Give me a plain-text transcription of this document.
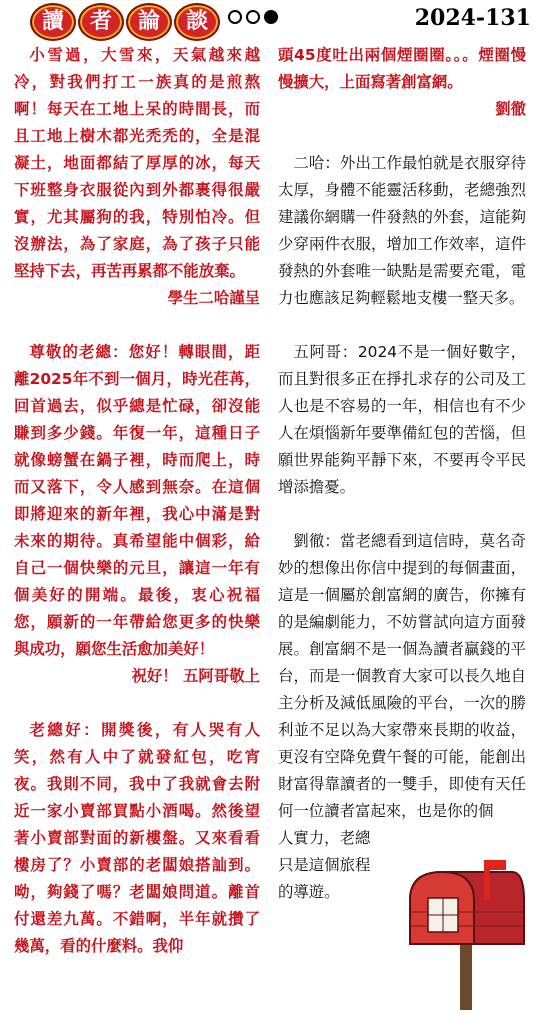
讀	者	論	談	2024-131

小雪過，大雪來，天氣越來越冷，對我們打工一族真的是煎熬啊！每天在工地上呆的時間長，而且工地上樹木都光禿禿的，全是混凝土，地面都結了厚厚的冰，每天下班整身衣服從內到外都裹得很嚴實，尤其屬狗的我，特別怕冷。但沒辦法，為了家庭，為了孩子只能堅持下去，再苦再累都不能放棄。

學生二哈謹呈

尊敬的老總：您好！轉眼間，距離2025年不到一個月，時光荏苒，回首過去，似乎總是忙碌，卻沒能賺到多少錢。年復一年，這種日子就像螃蟹在鍋子裡，時而爬上，時而又落下，令人感到無奈。在這個即將迎來的新年裡，我心中滿是對未來的期待。真希望能中個彩，給自己一個快樂的元旦，讓這一年有個美好的開端。最後，衷心祝福您，願新的一年帶給您更多的快樂與成功，願您生活愈加美好！

祝好！ 五阿哥敬上

老總好：開獎後，有人哭有人笑，然有人中了就發紅包，吃宵夜。我則不同，我中了我就會去附近一家小賣部買點小酒喝。然後望著小賣部對面的新樓盤。又來看看樓房了？小賣部的老闆娘搭訕到。呦，夠錢了嗎？老闆娘問道。離首付還差九萬。不錯啊，半年就攢了幾萬，看的什麼料。我仰

頭45度吐出兩個煙圈圈。。。煙圈慢慢擴大，上面寫著創富網。

劉徹

二哈：外出工作最怕就是衣服穿待太厚，身體不能靈活移動，老總強烈建議你網購一件發熱的外套，這能夠少穿兩件衣服，增加工作效率，這件發熱的外套唯一缺點是需要充電，電力也應該足夠輕鬆地支樓一整天多。

五阿哥：2024不是一個好數字，而且對很多正在掙扎求存的公司及工人也是不容易的一年，相信也有不少人在煩惱新年要準備紅包的苦惱，但願世界能夠平靜下來，不要再令平民增添擔憂。

劉徹：當老總看到這信時，莫名奇妙的想像出你信中提到的每個畫面，這是一個屬於創富網的廣告，你擁有的是編劇能力，不妨嘗試向這方面發展。創富網不是一個為讀者贏錢的平台，而是一個教育大家可以長久地自主分析及減低風險的平台，一次的勝利並不足以為大家帶來長期的收益，更沒有空降免費午餐的可能，能創出財富得靠讀者的一雙手，即使有天任何一位讀者富起來，也是你的個

人實力，老總

只是這個旅程

的導遊。
